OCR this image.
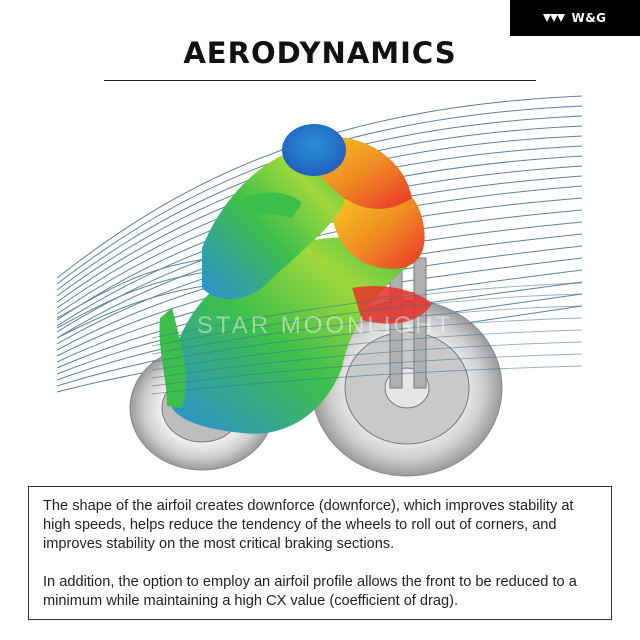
W&G
AERODYNAMICS
STAR MOONLIGHT

The shape of the airfoil creates downforce (downforce), which improves stability at high speeds, helps reduce the tendency of the wheels to roll out of corners, and improves stability on the most critical braking sections.

In addition, the option to employ an airfoil profile allows the front to be reduced to a minimum while maintaining a high CX value (coefficient of drag).
